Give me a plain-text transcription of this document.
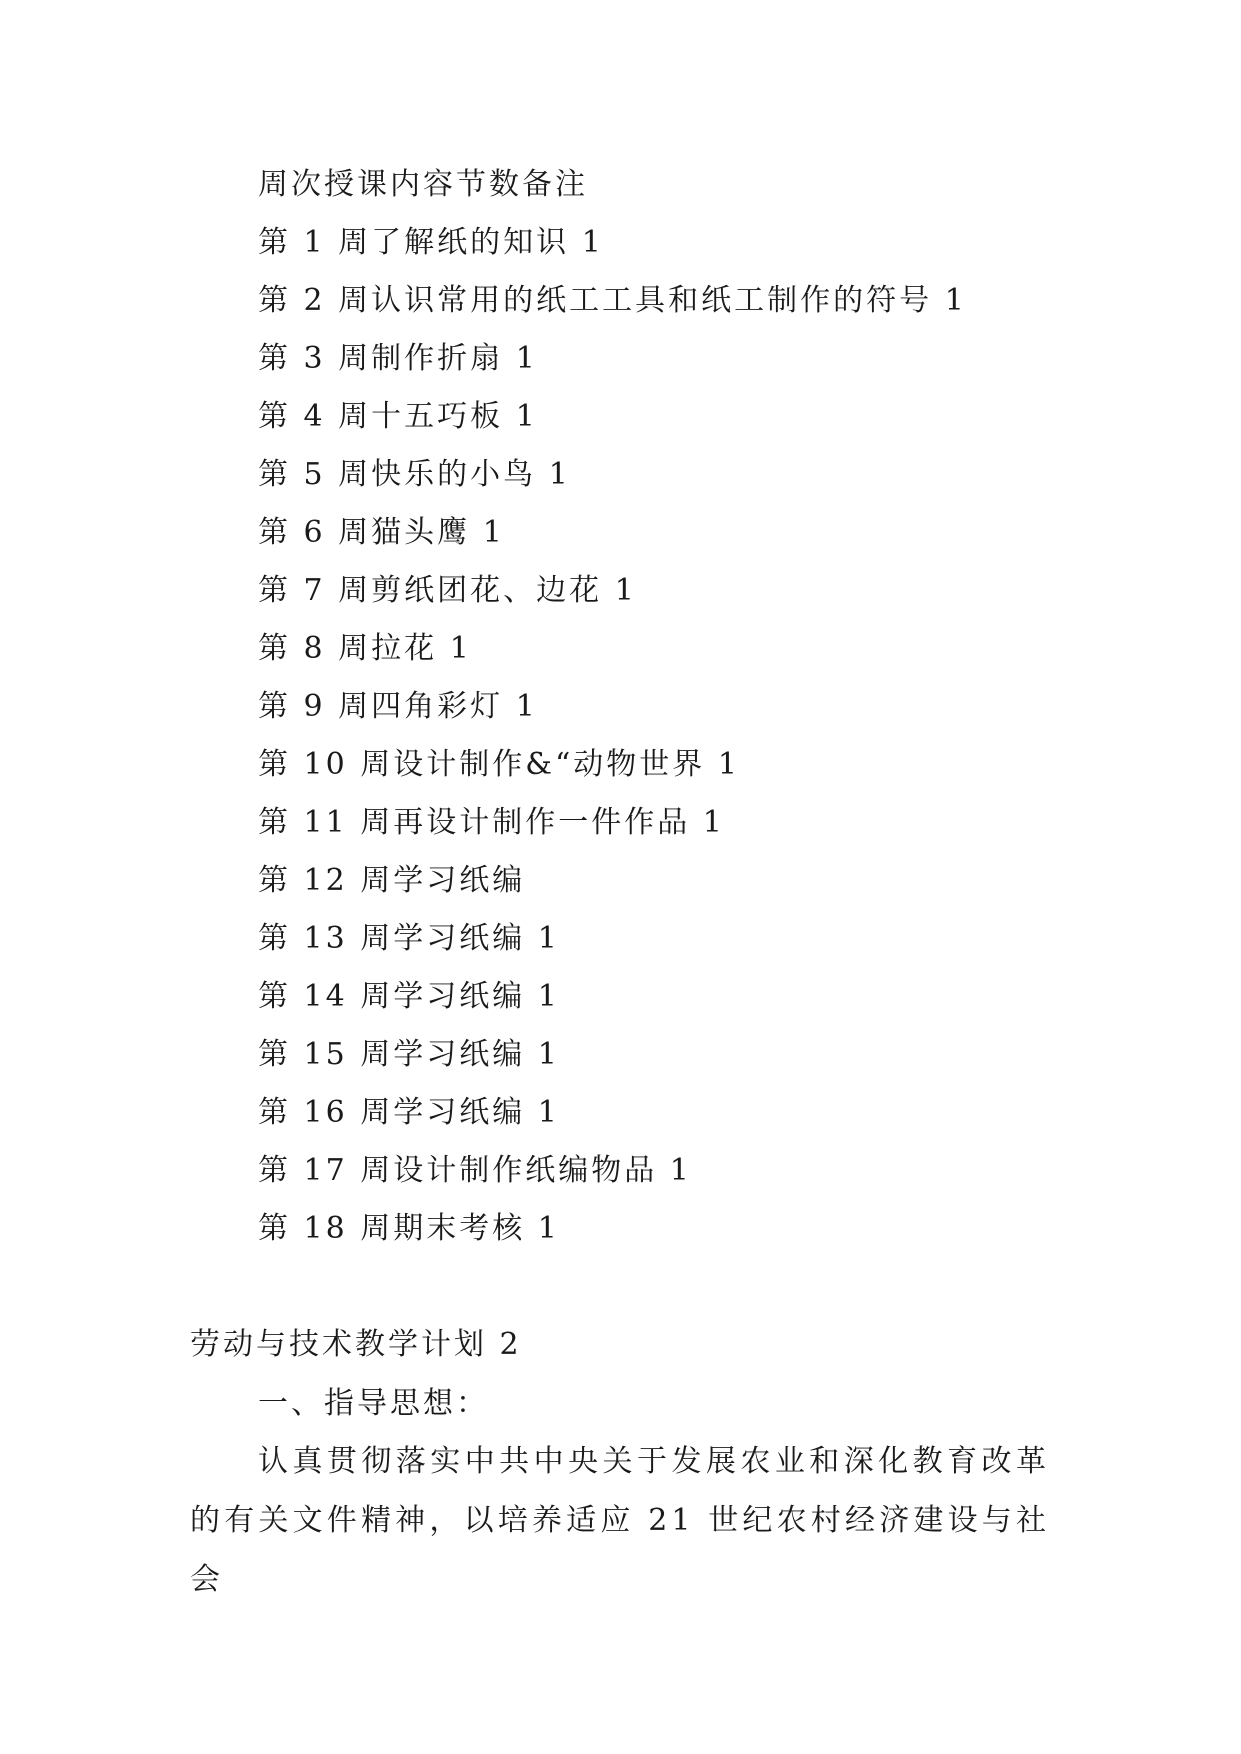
周次授课内容节数备注
第 1 周了解纸的知识 1
第 2 周认识常用的纸工工具和纸工制作的符号 1
第 3 周制作折扇 1
第 4 周十五巧板 1
第 5 周快乐的小鸟 1
第 6 周猫头鹰 1
第 7 周剪纸团花、边花 1
第 8 周拉花 1
第 9 周四角彩灯 1
第 10 周设计制作&“动物世界 1
第 11 周再设计制作一件作品 1
第 12 周学习纸编
第 13 周学习纸编 1
第 14 周学习纸编 1
第 15 周学习纸编 1
第 16 周学习纸编 1
第 17 周设计制作纸编物品 1
第 18 周期末考核 1
劳动与技术教学计划 2
一、指导思想：
认真贯彻落实中共中央关于发展农业和深化教育改革的有关文件精神，以培养适应 21 世纪农村经济建设与社会
